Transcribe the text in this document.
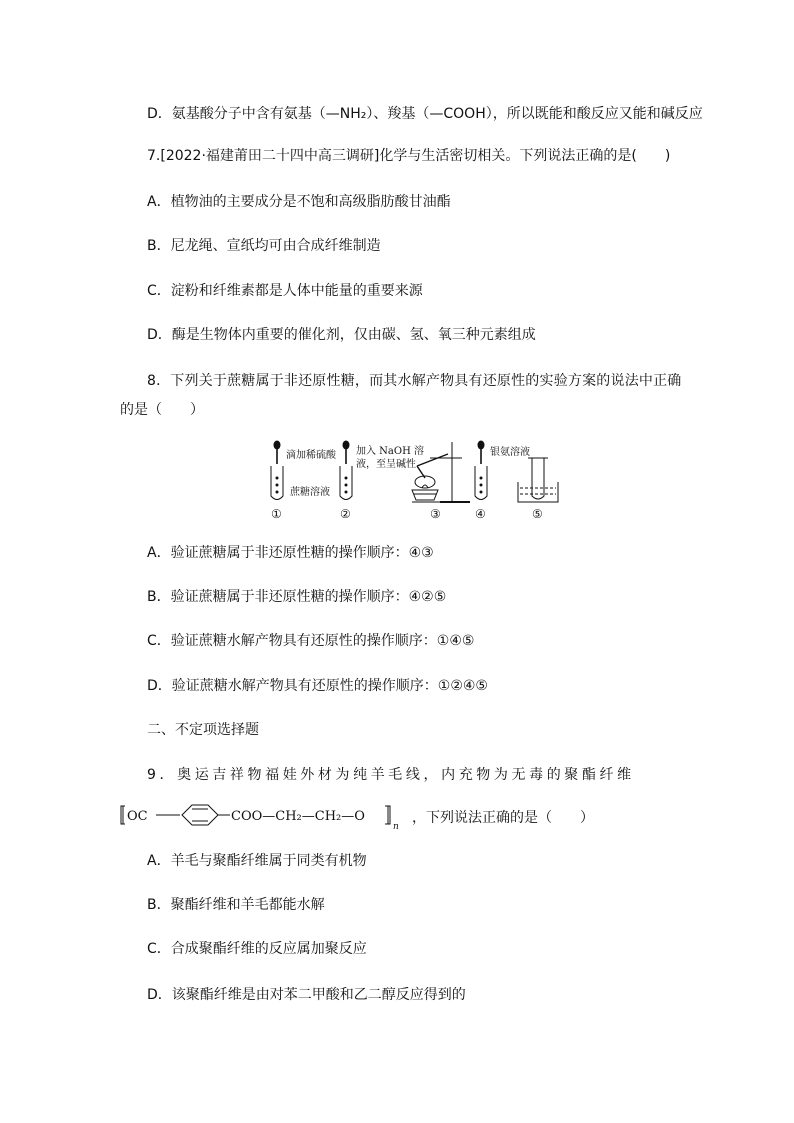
D．氨基酸分子中含有氨基（—NH₂）、羧基（—COOH），所以既能和酸反应又能和碱反应
7.[2022·福建莆田二十四中高三调研]化学与生活密切相关。下列说法正确的是(　　)
A．植物油的主要成分是不饱和高级脂肪酸甘油酯
B．尼龙绳、宣纸均可由合成纤维制造
C．淀粉和纤维素都是人体中能量的重要来源
D．酶是生物体内重要的催化剂，仅由碳、氢、氧三种元素组成
8．下列关于蔗糖属于非还原性糖，而其水解产物具有还原性的实验方案的说法中正确
的是（　　）
滴加稀硫酸
蔗糖溶液
加入 NaOH 溶
液，至呈碱性
银氨溶液
①	②	③	④	⑤
A．验证蔗糖属于非还原性糖的操作顺序：④③
B．验证蔗糖属于非还原性糖的操作顺序：④②⑤
C．验证蔗糖水解产物具有还原性的操作顺序：①④⑤
D．验证蔗糖水解产物具有还原性的操作顺序：①②④⑤
二、不定项选择题
9．奥运吉祥物福娃外材为纯羊毛线，内充物为无毒的聚酯纤维
OC	COO—CH₂—CH₂—O
n
，下列说法正确的是（　　）
A．羊毛与聚酯纤维属于同类有机物
B．聚酯纤维和羊毛都能水解
C．合成聚酯纤维的反应属加聚反应
D．该聚酯纤维是由对苯二甲酸和乙二醇反应得到的
